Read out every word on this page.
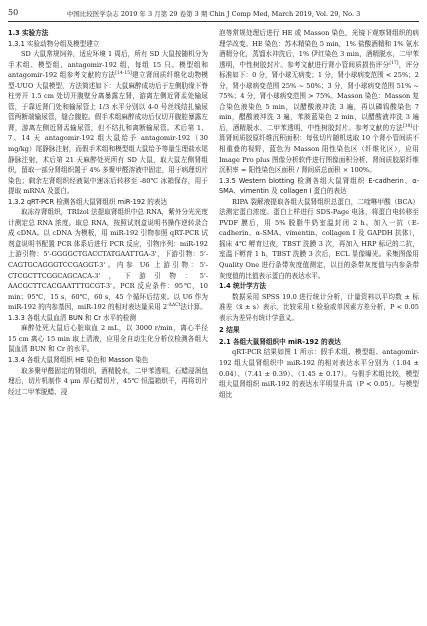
50	中国比较医学杂志 2019 年 3 月第 29 卷第 3 期 Chin J Comp Med, March 2019, Vol. 29, No. 3
1.3 实验方法
1.3.1 实验动物分组及模型建立

SD 大鼠常规饲养，适应环境 1 周后，所有 SD 大鼠按随机分为手术组、模型组、antagomir-192 组，每组 15 只。模型组和 antagomir-192 组参考文献的方法[14-15]建立肾间质纤维化动物模型-UUO 大鼠模型，方法简述如下：大鼠麻醉成功后于左侧肋缘下脊柱旁开 1.5 cm 处切开腹壁分离暴露左肾，游离左侧近肾盂处输尿管，于靠近肾门处和输尿管上 1/3 水平分别以 4-0 号丝线结扎输尿管两断端输尿管，缝合腹腔。假手术组麻醉成功后仅切开腹腔暴露左肾，游离左侧近肾盂输尿管，但不结扎和离断输尿管。术后第 1、7、14 天 antagomir-192 组大鼠给予 antagomir-192（30 mg/kg）尾静脉注射，而假手术组和模型组大鼠给予等量生理盐水尾静脉注射，术后第 21 天麻醉处死所有 SD 大鼠，取大鼠左侧肾组织，留取一部分肾组织置于 4% 多聚甲醛溶液中固定，用于病理切片染色；剩余左肾组织经液氮中速冻后转移至 -80℃ 冰箱保存，用于提取 mRNA 及蛋白。

1.3.2 qRT-PCR 检测各组大鼠肾组织 miR-192 的表达

取冻存肾组织，TRIzol 法提取肾组织中总 RNA，紫外分光光度计测定总 RNA 浓度。取总 RNA，按照试剂盒说明书操作逆转录合成 cDNA。以 cDNA 为模板，用 miR-192 引物参照 qRT-PCR 试剂盒说明书配置 PCR 体系后进行 PCR 反应，引物序列：miR-192 上游引物：5'-GGGGCTGACCTATGAATTGA-3'，下游引物：5'-CAGTGCAGGGTCCGAGGT-3'。内参 U6 上游引物：5'-CTCGCTTCGGCAGCACA-3'，下游引物：5'-AACGCTTCACGAATTTGCGT-3'。PCR 反应条件：95℃，10 min；95℃，15 s，60℃，60 s，45 个循环后结束。以 U6 作为 miR-192 的内参基因，miR-192 的相对表达量采用 $2^{-\Delta\Delta Ct}$法计算。

1.3.3 各组大鼠血清 BUN 和 Cr 水平的检测

麻醉处死大鼠后心脏取血 2 mL，以 3000 r/min，离心半径 15 cm 离心 15 min 取上清液，应用全自动生化分析仪检测各组大鼠血清 BUN 和 Cr 的水平。

1.3.4 各组大鼠肾组织 HE 染色和 Masson 染色

取多聚甲醛固定的肾组织，酒精脱水，二甲苯透明，石蜡浸润包埋后，切片机制作 4 μm 厚石蜡切片，45℃ 恒温箱烘干，再将切片经过二甲苯脱蜡、浸

泡等常规处理后进行 HE 或 Masson 染色，光镜下观察肾组织的病理学改变。HE 染色：苏木精染色 5 min，1% 盐酸酒精和 1% 氨水酒精分化，蒸馏水冲洗后，1% 伊红染色 3 min，酒精脱水，二甲苯透明，中性树胶封片。参考文献进行肾小管间质损伤评分[17]，评分标准如下：0 分，肾小球无病变；1 分，肾小球病变范围 < 25%；2 分，肾小球病变范围 25% ~ 50%；3 分，肾小球病变范围 51% ~ 75%；4 分，肾小球病变范围 > 75%。Masson 染色：Masson 复合染色液染色 5 min，以醋酸液冲洗 3 遍，再以磷钨酸染色 7 min，醋酸液冲洗 3 遍，苯胺蓝染色 2 min，以醋酸液冲洗 3 遍后，酒精脱水，二甲苯透明，中性树胶封片。参考文献的方法[18]计算肾间质胶原纤维沉积面积：每张切片随机选取 10 个肾小管间质不相重叠的视野，蓝色为 Masson 阳性染色区（纤维化区），应用 Image Pro plus 图像分析软件进行图像面积分析，肾间质胶原纤维沉积率 = 阳性染色区面积 / 肾间质总面积 × 100%。

1.3.5 Western blotting 检测各组大鼠肾组织 E-cadherin、α-SMA、vimentin 及 collagen Ⅰ 蛋白的表达

RIPA 裂解液提取各组大鼠肾组织总蛋白，二喹啉甲酸（BCA）法测定蛋白浓度。蛋白上样进行 SDS-Page 电泳，将蛋白电转移至 PVDF 膜后，用 5% 脱脂牛奶室温封闭 2 h。加入一抗（E-cadherin、α-SMA、vimentin、collagen Ⅰ 及 GAPDH 抗体），摇床 4℃ 孵育过夜，TBST 洗膜 3 次，再加入 HRP 标记的二抗，室温下孵育 1 h，TBST 洗膜 3 次后，ECL 显像曝光。采集图像用 Quality One 进行条带灰度值测定，以目的条带灰度值与内参条带灰度值的比值表示蛋白的表达水平。

1.4 统计学方法

数据采用 SPSS 19.0 进行统计分析，计量资料以平均数 ± 标准差（x̄ ± s）表示，比较采用 t 检验或单因素方差分析，P < 0.05 表示为差异有统计学意义。

2 结果
2.1 各组大鼠肾组织中 miR-192 的表达

qRT-PCR 结果如图 1 所示：假手术组、模型组、antagomir-192 组大鼠肾组织中 miR-192 的相对表达水平分别为（1.04 ± 0.04）、（7.41 ± 0.39）、（1.45 ± 0.17）。与假手术组比较，模型组大鼠肾组织 miR-192 的表达水平明显升高（P < 0.05）。与模型组比
